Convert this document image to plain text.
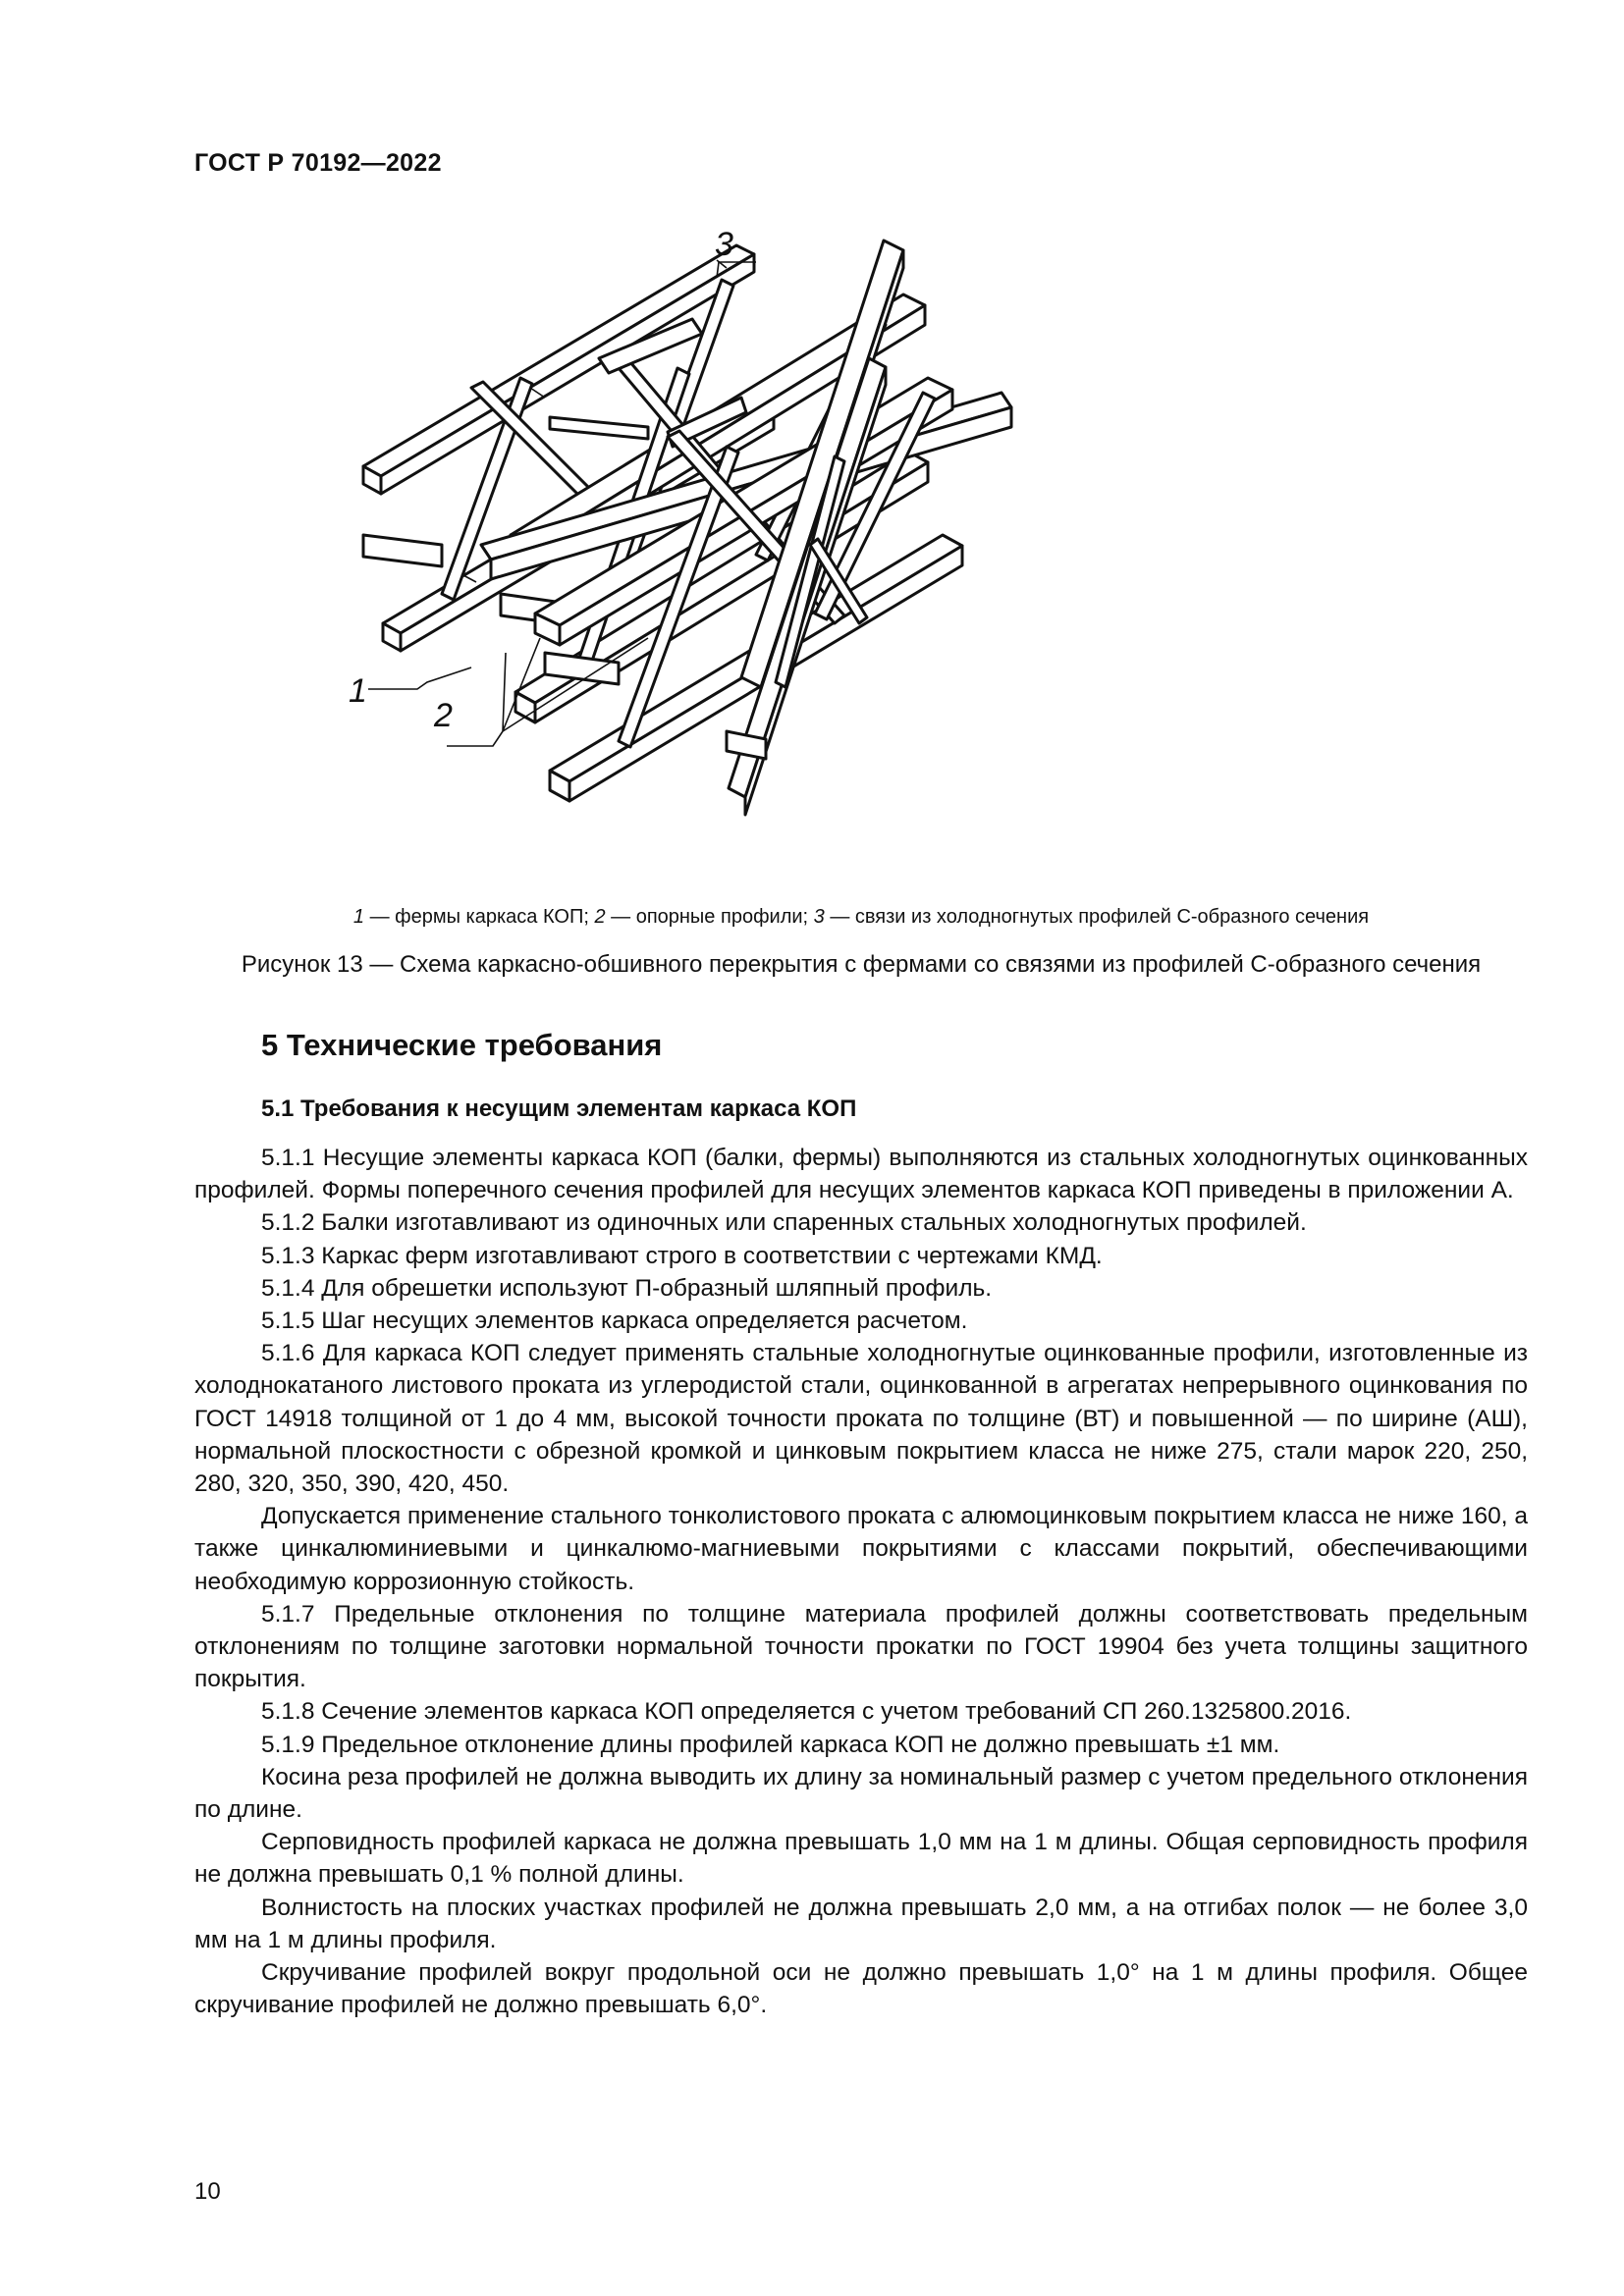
ГОСТ Р 70192—2022
1
2
3
1 — фермы каркаса КОП; 2 — опорные профили; 3 — связи из холодногнутых профилей С-образного сечения
Рисунок 13 — Схема каркасно-обшивного перекрытия с фермами со связями из профилей С-образного сечения
5 Технические требования
5.1 Требования к несущим элементам каркаса КОП

5.1.1 Несущие элементы каркаса КОП (балки, фермы) выполняются из стальных холодногнутых оцинкованных профилей. Формы поперечного сечения профилей для несущих элементов каркаса КОП приведены в приложении А.

5.1.2 Балки изготавливают из одиночных или спаренных стальных холодногнутых профилей.

5.1.3 Каркас ферм изготавливают строго в соответствии с чертежами КМД.

5.1.4 Для обрешетки используют П-образный шляпный профиль.

5.1.5 Шаг несущих элементов каркаса определяется расчетом.

5.1.6 Для каркаса КОП следует применять стальные холодногнутые оцинкованные профили, изготовленные из холоднокатаного листового проката из углеродистой стали, оцинкованной в агрегатах непрерывного оцинкования по ГОСТ 14918 толщиной от 1 до 4 мм, высокой точности проката по толщине (ВТ) и повышенной — по ширине (АШ), нормальной плоскостности с обрезной кромкой и цинковым покрытием класса не ниже 275, стали марок 220, 250, 280, 320, 350, 390, 420, 450.

Допускается применение стального тонколистового проката с алюмоцинковым покрытием класса не ниже 160, а также цинкалюминиевыми и цинкалюмо-магниевыми покрытиями с классами покрытий, обеспечивающими необходимую коррозионную стойкость.

5.1.7 Предельные отклонения по толщине материала профилей должны соответствовать предельным отклонениям по толщине заготовки нормальной точности прокатки по ГОСТ 19904 без учета толщины защитного покрытия.

5.1.8 Сечение элементов каркаса КОП определяется с учетом требований СП 260.1325800.2016.

5.1.9 Предельное отклонение длины профилей каркаса КОП не должно превышать ±1 мм.

Косина реза профилей не должна выводить их длину за номинальный размер с учетом предельного отклонения по длине.

Серповидность профилей каркаса не должна превышать 1,0 мм на 1 м длины. Общая серповидность профиля не должна превышать 0,1 % полной длины.

Волнистость на плоских участках профилей не должна превышать 2,0 мм, а на отгибах полок — не более 3,0 мм на 1 м длины профиля.

Скручивание профилей вокруг продольной оси не должно превышать 1,0° на 1 м длины профиля. Общее скручивание профилей не должно превышать 6,0°.

10
